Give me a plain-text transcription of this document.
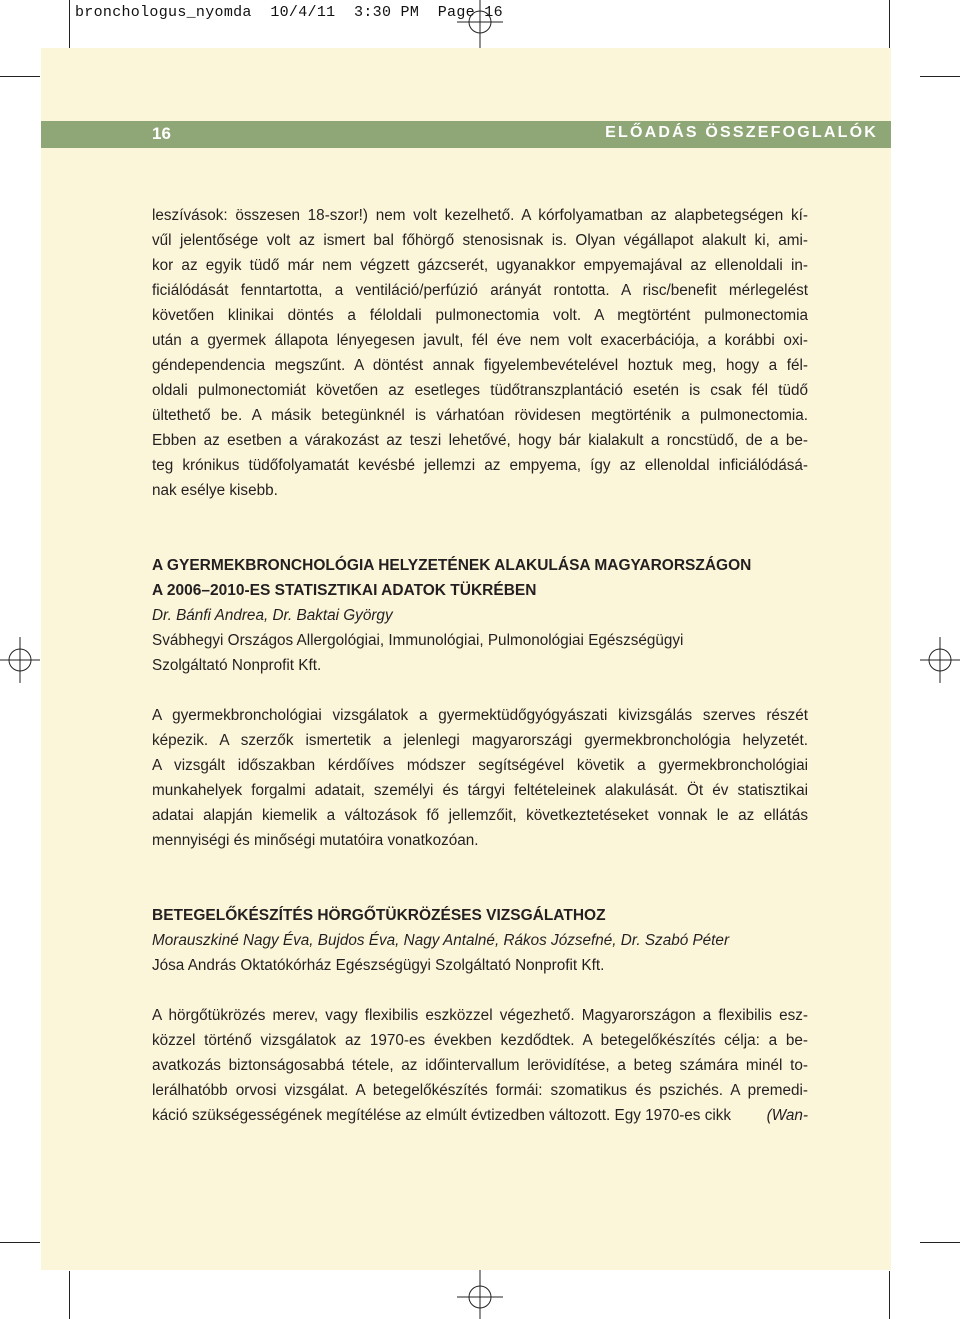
bronchologus_nyomda  10/4/11  3:30 PM  Page 16
16	ELŐADÁS ÖSSZEFOGLALÓK
leszívások: összesen 18-szor!) nem volt kezelhető. A kórfolyamatban az alapbetegségen kí-
vűl jelentősége volt az ismert bal főhörgő stenosisnak is. Olyan végállapot alakult ki, ami-
kor az egyik tüdő már nem végzett gázcserét, ugyanakkor empyemajával az ellenoldali in-
ficiálódását fenntartotta, a ventiláció/perfúzió arányát rontotta. A risc/benefit mérlegelést
követően klinikai döntés a féloldali pulmonectomia volt. A megtörtént pulmonectomia
után a gyermek állapota lényegesen javult, fél éve nem volt exacerbációja, a korábbi oxi-
géndependencia megszűnt. A döntést annak figyelembevételével hoztuk meg, hogy a fél-
oldali pulmonectomiát követően az esetleges tüdőtranszplantáció esetén is csak fél tüdő
ültethető be. A másik betegünknél is várhatóan rövidesen megtörténik a pulmonectomia.
Ebben az esetben a várakozást az teszi lehetővé, hogy bár kialakult a roncstüdő, de a be-
teg krónikus tüdőfolyamatát kevésbé jellemzi az empyema, így az ellenoldal inficiálódásá-
nak esélye kisebb.
A GYERMEKBRONCHOLÓGIA HELYZETÉNEK ALAKULÁSA MAGYARORSZÁGON
A 2006–2010-ES STATISZTIKAI ADATOK TÜKRÉBEN
Dr. Bánfi Andrea, Dr. Baktai György
Svábhegyi Országos Allergológiai, Immunológiai, Pulmonológiai Egészségügyi
Szolgáltató Nonprofit Kft.
A gyermekbronchológiai vizsgálatok a gyermektüdőgyógyászati kivizsgálás szerves részét
képezik. A szerzők ismertetik a jelenlegi magyarországi gyermekbronchológia helyzetét.
A vizsgált időszakban kérdőíves módszer segítségével követik a gyermekbronchológiai
munkahelyek forgalmi adatait, személyi és tárgyi feltételeinek alakulását. Öt év statisztikai
adatai alapján kiemelik a változások fő jellemzőit, következtetéseket vonnak le az ellátás
mennyiségi és minőségi mutatóira vonatkozóan.
BETEGELŐKÉSZÍTÉS HÖRGŐTÜKRÖZÉSES VIZSGÁLATHOZ
Morauszkiné Nagy Éva, Bujdos Éva, Nagy Antalné, Rákos Józsefné, Dr. Szabó Péter
Jósa András Oktatókórház Egészségügyi Szolgáltató Nonprofit Kft.
A hörgőtükrözés merev, vagy flexibilis eszközzel végezhető. Magyarországon a flexibilis esz-
közzel történő vizsgálatok az 1970-es években kezdődtek. A betegelőkészítés célja: a be-
avatkozás biztonságosabbá tétele, az időintervallum lerövidítése, a beteg számára minél to-
lerálhatóbb orvosi vizsgálat. A betegelőkészítés formái: szomatikus és pszichés. A premedi-
káció szükségességének megítélése az elmúlt évtizedben változott. Egy 1970-es cikk (Wan-
